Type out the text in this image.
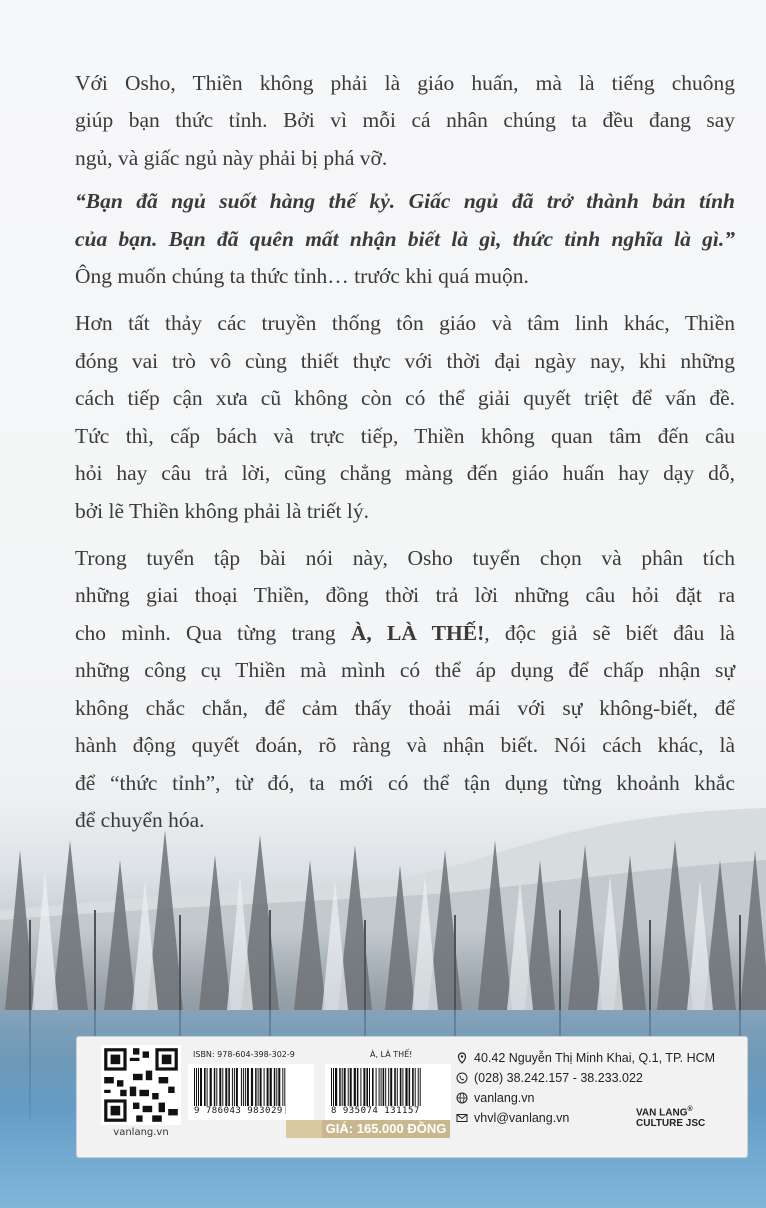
Với Osho, Thiền không phải là giáo huấn, mà là tiếng chuông
giúp bạn thức tỉnh. Bởi vì mỗi cá nhân chúng ta đều đang say
ngủ, và giấc ngủ này phải bị phá vỡ.
“Bạn đã ngủ suốt hàng thế kỷ. Giấc ngủ đã trở thành bản tính
của bạn. Bạn đã quên mất nhận biết là gì, thức tỉnh nghĩa là gì.”
Ông muốn chúng ta thức tỉnh… trước khi quá muộn.
Hơn tất thảy các truyền thống tôn giáo và tâm linh khác, Thiền
đóng vai trò vô cùng thiết thực với thời đại ngày nay, khi những
cách tiếp cận xưa cũ không còn có thể giải quyết triệt để vấn đề.
Tức thì, cấp bách và trực tiếp, Thiền không quan tâm đến câu
hỏi hay câu trả lời, cũng chẳng màng đến giáo huấn hay dạy dỗ,
bởi lẽ Thiền không phải là triết lý.
Trong tuyển tập bài nói này, Osho tuyển chọn và phân tích
những giai thoại Thiền, đồng thời trả lời những câu hỏi đặt ra
cho mình. Qua từng trang À, LÀ THẾ!, độc giả sẽ biết đâu là
những công cụ Thiền mà mình có thể áp dụng để chấp nhận sự
không chắc chắn, để cảm thấy thoải mái với sự không-biết, để
hành động quyết đoán, rõ ràng và nhận biết. Nói cách khác, là
để “thức tỉnh”, từ đó, ta mới có thể tận dụng từng khoảnh khắc
để chuyển hóa.
vanlang.vn
ISBN: 978-604-398-302-9	À, LÀ THẾ!
9 786043 983029	8 935074 131157
GIÁ: 165.000 ĐỒNG
40.42 Nguyễn Thị Minh Khai, Q.1, TP. HCM
(028) 38.242.157 - 38.233.022
vanlang.vn
vhvl@vanlang.vn	VAN LANG®
CULTURE JSC
